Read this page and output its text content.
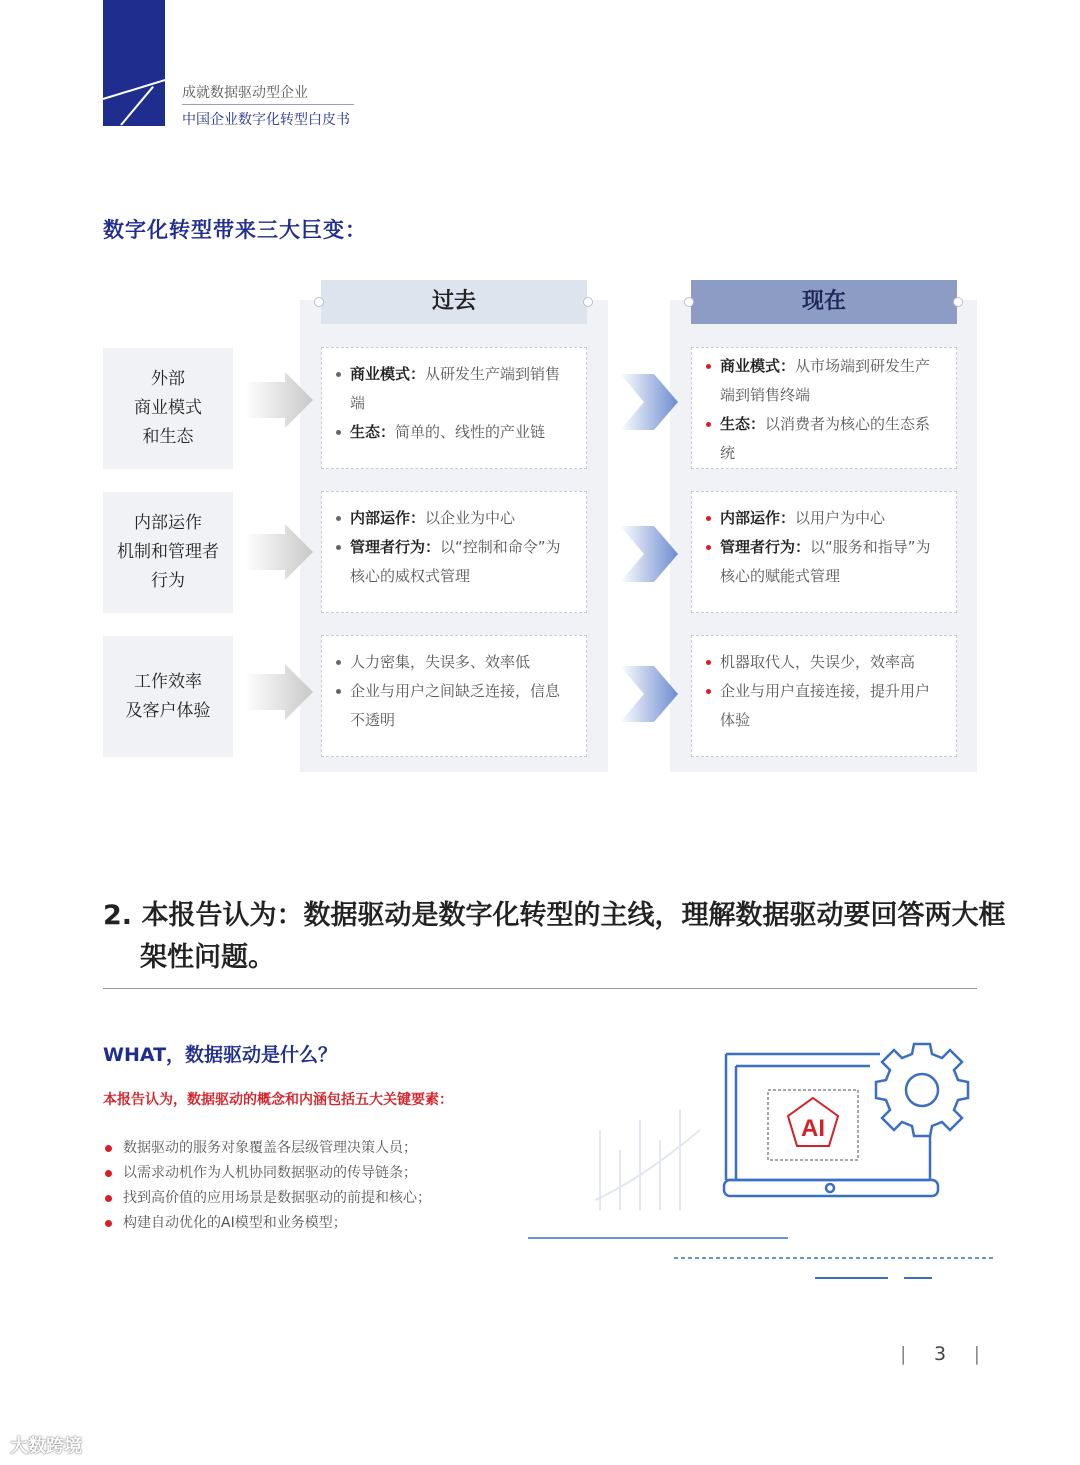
成就数据驱动型企业
中国企业数字化转型白皮书
数字化转型带来三大巨变：
过去	现在
外部
商业模式
和生态
商业模式：从研发生产端到销售端
生态：简单的、线性的产业链
商业模式：从市场端到研发生产端到销售终端
生态：以消费者为核心的生态系统
内部运作
机制和管理者
行为
内部运作：以企业为中心
管理者行为：以“控制和命令”为核心的威权式管理
内部运作：以用户为中心
管理者行为：以“服务和指导”为核心的赋能式管理
工作效率
及客户体验
人力密集，失误多、效率低
企业与用户之间缺乏连接，信息不透明
机器取代人，失误少，效率高
企业与用户直接连接，提升用户体验
2. 本报告认为：数据驱动是数字化转型的主线，理解数据驱动要回答两大框架性问题。
WHAT，数据驱动是什么？
本报告认为，数据驱动的概念和内涵包括五大关键要素：
数据驱动的服务对象覆盖各层级管理决策人员；
以需求动机作为人机协同数据驱动的传导链条；
找到高价值的应用场景是数据驱动的前提和核心；
构建自动优化的AI模型和业务模型；
AI
| 3 |
大数跨境
